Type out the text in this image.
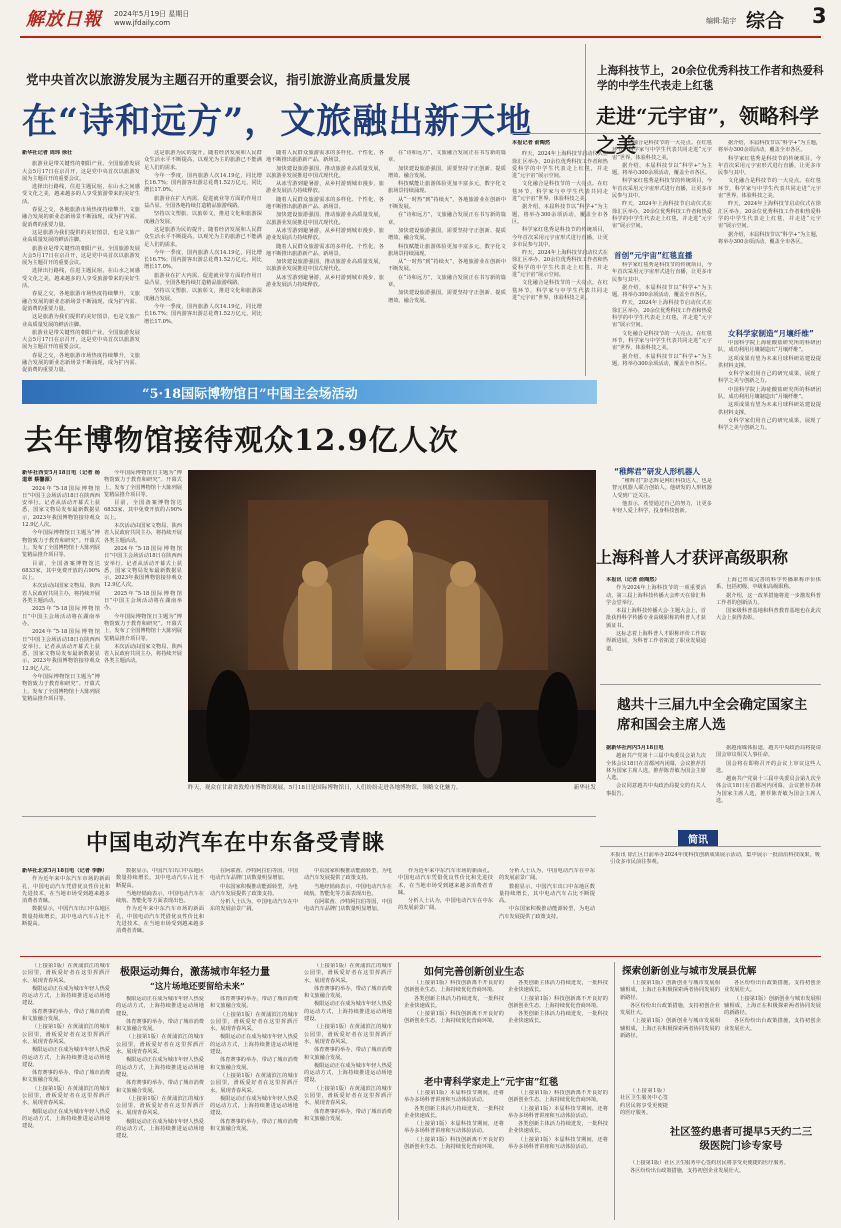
解放日報 2024年5月19日 星期日
www.jfdaily.com	编辑:陆宇 综合 3
党中央首次以旅游发展为主题召开的重要会议，指引旅游业高质量发展
在“诗和远方”，文旅融出新天地

新华社记者 周玮 徐壮

旅游业是带关键性的朝阳产业。全国旅游发展大会5月17日在京召开，这是党中央首次以旅游发展为主题召开的重要会议。

选择出行路线，住进主题民宿，在山水之间感受文化之美，越来越多的人享受旅游带来的美好生活。

春夏之交，各地旅游市场热度持续攀升，文旅融合发展的新业态新场景不断涌现，成为扩内需、促消费的重要力量。

这是旅游为我们提供的美好图景，也是文旅产业高质量发展的鲜活注脚。

旅游业是带关键性的朝阳产业。全国旅游发展大会5月17日在京召开，这是党中央首次以旅游发展为主题召开的重要会议。

选择出行路线，住进主题民宿，在山水之间感受文化之美，越来越多的人享受旅游带来的美好生活。

春夏之交，各地旅游市场热度持续攀升，文旅融合发展的新业态新场景不断涌现，成为扩内需、促消费的重要力量。

这是旅游为我们提供的美好图景，也是文旅产业高质量发展的鲜活注脚。

旅游业是带关键性的朝阳产业。全国旅游发展大会5月17日在京召开，这是党中央首次以旅游发展为主题召开的重要会议。

春夏之交，各地旅游市场热度持续攀升，文旅融合发展的新业态新场景不断涌现，成为扩内需、促消费的重要力量。

这是旅游为民的提升。随着经济发展和人民群众生活水平不断提高，以观光为主的旅游已不能满足人们的需求。

今年一季度，国内旅游人次14.19亿，同比增长16.7%；国内游客出游总花费1.52万亿元，同比增长17.0%。

旅游业在扩大内需、促进就业等方面的作用日益凸显。全国各地持续打造精品旅游线路。

坚持以文塑旅、以旅彰文，推进文化和旅游深度融合发展。

这是旅游为民的提升。随着经济发展和人民群众生活水平不断提高，以观光为主的旅游已不能满足人们的需求。

今年一季度，国内旅游人次14.19亿，同比增长16.7%；国内游客出游总花费1.52万亿元，同比增长17.0%。

旅游业在扩大内需、促进就业等方面的作用日益凸显。全国各地持续打造精品旅游线路。

坚持以文塑旅、以旅彰文，推进文化和旅游深度融合发展。

今年一季度，国内旅游人次14.19亿，同比增长16.7%；国内游客出游总花费1.52万亿元，同比增长17.0%。

随着人民群众旅游需求的多样化、个性化，各地不断推出旅游新产品、新场景。

加快建设旅游强国，推动旅游业高质量发展，以旅游业发展推进中国式现代化。

从冰雪游到避暑游，从乡村游到城市漫步，旅游业发展活力持续释放。

随着人民群众旅游需求的多样化、个性化，各地不断推出旅游新产品、新场景。

加快建设旅游强国，推动旅游业高质量发展，以旅游业发展推进中国式现代化。

从冰雪游到避暑游，从乡村游到城市漫步，旅游业发展活力持续释放。

随着人民群众旅游需求的多样化、个性化，各地不断推出旅游新产品、新场景。

加快建设旅游强国，推动旅游业高质量发展，以旅游业发展推进中国式现代化。

从冰雪游到避暑游，从乡村游到城市漫步，旅游业发展活力持续释放。

在“诗和远方”，文旅融合发展正在书写新的篇章。

加快建设旅游强国，需要坚持守正创新、提质增效、融合发展。

科技赋能让旅游体验更加丰富多元，数字化文旅场景持续涌现。

从“一时热”到“持续火”，各地旅游业在创新中不断发展。

在“诗和远方”，文旅融合发展正在书写新的篇章。

加快建设旅游强国，需要坚持守正创新、提质增效、融合发展。

科技赋能让旅游体验更加丰富多元，数字化文旅场景持续涌现。

从“一时热”到“持续火”，各地旅游业在创新中不断发展。

在“诗和远方”，文旅融合发展正在书写新的篇章。

加快建设旅游强国，需要坚持守正创新、提质增效、融合发展。

上海科技节上，20余位优秀科技工作者和热爱科学的中学生代表走上红毯
走进“元宇宙”，领略科学之美

本报记者 俞陶然

昨天，2024年上海科技节启动仪式在徐汇区举办，20余位优秀科技工作者和热爱科学的中学生代表走上红毯，并走进“元宇宙”展示空间。

文化融合是科技节的一大亮点。在红毯环节，科学家与中学生代表共同走进“元宇宙”世界，体验科技之美。

据介绍，本届科技节以“科学+”为主题，将举办300余项活动，覆盖全市各区。

科学家红毯秀是科技节的传统项目，今年首次采用元宇宙形式进行直播，让更多市民参与其中。

昨天，2024年上海科技节启动仪式在徐汇区举办，20余位优秀科技工作者和热爱科学的中学生代表走上红毯，并走进“元宇宙”展示空间。

文化融合是科技节的一大亮点。在红毯环节，科学家与中学生代表共同走进“元宇宙”世界，体验科技之美。

文化融合是科技节的一大亮点。在红毯环节，科学家与中学生代表共同走进“元宇宙”世界，体验科技之美。

据介绍，本届科技节以“科学+”为主题，将举办300余项活动，覆盖全市各区。

科学家红毯秀是科技节的传统项目，今年首次采用元宇宙形式进行直播，让更多市民参与其中。

昨天，2024年上海科技节启动仪式在徐汇区举办，20余位优秀科技工作者和热爱科学的中学生代表走上红毯，并走进“元宇宙”展示空间。

首创“元宇宙”红毯直播

科学家红毯秀是科技节的传统项目，今年首次采用元宇宙形式进行直播，让更多市民参与其中。

据介绍，本届科技节以“科学+”为主题，将举办300余项活动，覆盖全市各区。

昨天，2024年上海科技节启动仪式在徐汇区举办，20余位优秀科技工作者和热爱科学的中学生代表走上红毯，并走进“元宇宙”展示空间。

文化融合是科技节的一大亮点。在红毯环节，科学家与中学生代表共同走进“元宇宙”世界，体验科技之美。

据介绍，本届科技节以“科学+”为主题，将举办300余项活动，覆盖全市各区。

据介绍，本届科技节以“科学+”为主题，将举办300余项活动，覆盖全市各区。

科学家红毯秀是科技节的传统项目，今年首次采用元宇宙形式进行直播，让更多市民参与其中。

文化融合是科技节的一大亮点。在红毯环节，科学家与中学生代表共同走进“元宇宙”世界，体验科技之美。

昨天，2024年上海科技节启动仪式在徐汇区举办，20余位优秀科技工作者和热爱科学的中学生代表走上红毯，并走进“元宇宙”展示空间。

据介绍，本届科技节以“科学+”为主题，将举办300余项活动，覆盖全市各区。

女科学家制造“月壤纤维”

中国科学院上海硅酸盐研究所的科研团队，成功利用月壤制造出“月壤纤维”。

这项成果有望为未来月球科研站建设提供材料支撑。

女科学家们用自己的研究成果，展现了科学之美与创新之力。

中国科学院上海硅酸盐研究所的科研团队，成功利用月壤制造出“月壤纤维”。

这项成果有望为未来月球科研站建设提供材料支撑。

女科学家们用自己的研究成果，展现了科学之美与创新之力。

“稚辉君”研发人形机器人

“稚辉君”彭志辉是网红科技达人，也是智元机器人联合创始人。他研发的人形机器人受到广泛关注。

他表示，希望通过自己的努力，让更多年轻人爱上科学，投身科技创新。

“5·18国际博物馆日”中国主会场活动
去年博物馆接待观众12.9亿人次

新华社西安5月18日电（记者 杨道章 蔡馨源）

2024年“5·18国际博物馆日”中国主会场活动18日在陕西西安举行。记者从活动开幕式上获悉，国家文物局发布最新数据显示，2023年我国博物馆接待观众12.9亿人次。

今年国际博物馆日主题为“博物馆致力于教育和研究”。开幕式上，发布了全国博物馆十大陈列展览精品推介项目等。

目前，全国备案博物馆达6833家，其中免费开放的占90%以上。

本次活动由国家文物局、陕西省人民政府共同主办，将持续开展各类主题活动。

2025年“5·18国际博物馆日”中国主会场活动将在湖南举办。

2024年“5·18国际博物馆日”中国主会场活动18日在陕西西安举行。记者从活动开幕式上获悉，国家文物局发布最新数据显示，2023年我国博物馆接待观众12.9亿人次。

今年国际博物馆日主题为“博物馆致力于教育和研究”。开幕式上，发布了全国博物馆十大陈列展览精品推介项目等。

今年国际博物馆日主题为“博物馆致力于教育和研究”。开幕式上，发布了全国博物馆十大陈列展览精品推介项目等。

目前，全国备案博物馆达6833家，其中免费开放的占90%以上。

本次活动由国家文物局、陕西省人民政府共同主办，将持续开展各类主题活动。

2024年“5·18国际博物馆日”中国主会场活动18日在陕西西安举行。记者从活动开幕式上获悉，国家文物局发布最新数据显示，2023年我国博物馆接待观众12.9亿人次。

2025年“5·18国际博物馆日”中国主会场活动将在湖南举办。

今年国际博物馆日主题为“博物馆致力于教育和研究”。开幕式上，发布了全国博物馆十大陈列展览精品推介项目等。

本次活动由国家文物局、陕西省人民政府共同主办，将持续开展各类主题活动。

昨天，观众在甘肃省敦煌市博物馆观展。5月18日是国际博物馆日，人们纷纷走进各地博物馆，领略文化魅力。	新华社发
上海科普人才获评高级职称

本报讯（记者 俞陶然）

作为2024年上海科技节的一项重要活动，第三届上海科技传播大会昨天在徐汇科学会堂举行。

本届上海科技传播大会·主题大会上，首批获得科学传播专业高级职称的科普人才获颁证书。

这标志着上海科普人才职称评价工作取得新进展，为科普工作者拓宽了职业发展通道。

上海已形成完善的科学传播职称评价体系，包括初级、中级和高级职称。

据介绍，这一改革措施将进一步激发科普工作者的创新活力。

国家级科普基地和科普教育基地也在此次大会上获得表彰。

越共十三届九中全会确定国家主席和国会主席人选

据新华社河内5月18日电

越南共产党第十三届中央委员会第九次全体会议18日在首都河内闭幕，会议推荐苏林为国家主席人选，推荐陈青敏为国会主席人选。

会议同意越共中央政治局提交的有关人事报告。

据越南媒体报道，越共中央政治局将提请国会审议相关人事任命。

国会将在即将召开的会议上审议这些人选。

越南共产党第十三届中央委员会第九次全体会议18日在首都河内闭幕，会议推荐苏林为国家主席人选，推荐陈青敏为国会主席人选。

简讯
本报讯 徐汇区日前举办2024年度科技创新成果展示活动，集中展示一批前沿科技成果，吸引众多市民前往参观。
中国电动汽车在中东备受青睐

新华社北京5月18日电（记者 李静）

作为近年来中东汽车市场的新面孔，中国电动汽车凭借优良性价比和先进技术，在当地市场受到越来越多消费者青睐。

数据显示，中国汽车出口中东地区数量持续增长，其中电动汽车占比不断提高。

数据显示，中国汽车出口中东地区数量持续增长，其中电动汽车占比不断提高。

当地经销商表示，中国电动汽车在续航、智能化等方面表现出色。

作为近年来中东汽车市场的新面孔，中国电动汽车凭借优良性价比和先进技术，在当地市场受到越来越多消费者青睐。

在阿联酋、沙特阿拉伯等国，中国电动汽车品牌门店数量明显增加。

中东国家积极推动能源转型，为电动汽车发展提供了政策支持。

分析人士认为，中国电动汽车在中东的发展前景广阔。

中东国家积极推动能源转型，为电动汽车发展提供了政策支持。

当地经销商表示，中国电动汽车在续航、智能化等方面表现出色。

在阿联酋、沙特阿拉伯等国，中国电动汽车品牌门店数量明显增加。

作为近年来中东汽车市场的新面孔，中国电动汽车凭借优良性价比和先进技术，在当地市场受到越来越多消费者青睐。

分析人士认为，中国电动汽车在中东的发展前景广阔。

分析人士认为，中国电动汽车在中东的发展前景广阔。

数据显示，中国汽车出口中东地区数量持续增长，其中电动汽车占比不断提高。

中东国家积极推动能源转型，为电动汽车发展提供了政策支持。

极限运动舞台，激荡城市年轻力量
“这片场地还要留给未来”

（上接第1版）在黄浦滨江的城市公园里，滑板爱好者在这里挥洒汗水，展现青春风采。

极限运动正在成为城市年轻人热爱的运动方式，上海持续推进运动场地建设。

体育赛事的举办，带动了城市消费和文旅融合发展。

（上接第1版）在黄浦滨江的城市公园里，滑板爱好者在这里挥洒汗水，展现青春风采。

极限运动正在成为城市年轻人热爱的运动方式，上海持续推进运动场地建设。

体育赛事的举办，带动了城市消费和文旅融合发展。

（上接第1版）在黄浦滨江的城市公园里，滑板爱好者在这里挥洒汗水，展现青春风采。

极限运动正在成为城市年轻人热爱的运动方式，上海持续推进运动场地建设。

极限运动正在成为城市年轻人热爱的运动方式，上海持续推进运动场地建设。

体育赛事的举办，带动了城市消费和文旅融合发展。

（上接第1版）在黄浦滨江的城市公园里，滑板爱好者在这里挥洒汗水，展现青春风采。

极限运动正在成为城市年轻人热爱的运动方式，上海持续推进运动场地建设。

体育赛事的举办，带动了城市消费和文旅融合发展。

（上接第1版）在黄浦滨江的城市公园里，滑板爱好者在这里挥洒汗水，展现青春风采。

极限运动正在成为城市年轻人热爱的运动方式，上海持续推进运动场地建设。

体育赛事的举办，带动了城市消费和文旅融合发展。

（上接第1版）在黄浦滨江的城市公园里，滑板爱好者在这里挥洒汗水，展现青春风采。

极限运动正在成为城市年轻人热爱的运动方式，上海持续推进运动场地建设。

体育赛事的举办，带动了城市消费和文旅融合发展。

（上接第1版）在黄浦滨江的城市公园里，滑板爱好者在这里挥洒汗水，展现青春风采。

极限运动正在成为城市年轻人热爱的运动方式，上海持续推进运动场地建设。

体育赛事的举办，带动了城市消费和文旅融合发展。

（上接第1版）在黄浦滨江的城市公园里，滑板爱好者在这里挥洒汗水，展现青春风采。

体育赛事的举办，带动了城市消费和文旅融合发展。

极限运动正在成为城市年轻人热爱的运动方式，上海持续推进运动场地建设。

（上接第1版）在黄浦滨江的城市公园里，滑板爱好者在这里挥洒汗水，展现青春风采。

体育赛事的举办，带动了城市消费和文旅融合发展。

极限运动正在成为城市年轻人热爱的运动方式，上海持续推进运动场地建设。

（上接第1版）在黄浦滨江的城市公园里，滑板爱好者在这里挥洒汗水，展现青春风采。

体育赛事的举办，带动了城市消费和文旅融合发展。

如何完善创新创业生态

（上接第1版）科技创新离不开良好的创新创业生态，上海持续优化营商环境。

各类创新主体活力持续迸发，一批科技企业快速成长。

（上接第1版）科技创新离不开良好的创新创业生态，上海持续优化营商环境。

各类创新主体活力持续迸发，一批科技企业快速成长。

（上接第1版）科技创新离不开良好的创新创业生态，上海持续优化营商环境。

各类创新主体活力持续迸发，一批科技企业快速成长。

老中青科学家走上“元宇宙”红毯

（上接第1版）本届科技节期间，还将举办多场科普讲座和互动体验活动。

各类创新主体活力持续迸发，一批科技企业快速成长。

（上接第1版）本届科技节期间，还将举办多场科普讲座和互动体验活动。

（上接第1版）科技创新离不开良好的创新创业生态，上海持续优化营商环境。

（上接第1版）科技创新离不开良好的创新创业生态，上海持续优化营商环境。

（上接第1版）本届科技节期间，还将举办多场科普讲座和互动体验活动。

各类创新主体活力持续迸发，一批科技企业快速成长。

（上接第1版）本届科技节期间，还将举办多场科普讲座和互动体验活动。

探索创新创业与城市发展县优解

（上接第1版）创新创业与城市发展相辅相成，上海正在积极探索两者协同发展的新路径。

各区纷纷出台政策措施，支持初创企业发展壮大。

（上接第1版）创新创业与城市发展相辅相成，上海正在积极探索两者协同发展的新路径。

各区纷纷出台政策措施，支持初创企业发展壮大。

（上接第1版）创新创业与城市发展相辅相成，上海正在积极探索两者协同发展的新路径。

各区纷纷出台政策措施，支持初创企业发展壮大。

社区签约患者可提早5天约二三级医院门诊专家号

（上接第1版）社区卫生服务中心签约居民将享受更便捷的医疗服务。

（上接第1版）社区卫生服务中心签约居民将享受更便捷的医疗服务。

各区纷纷出台政策措施，支持初创企业发展壮大。
